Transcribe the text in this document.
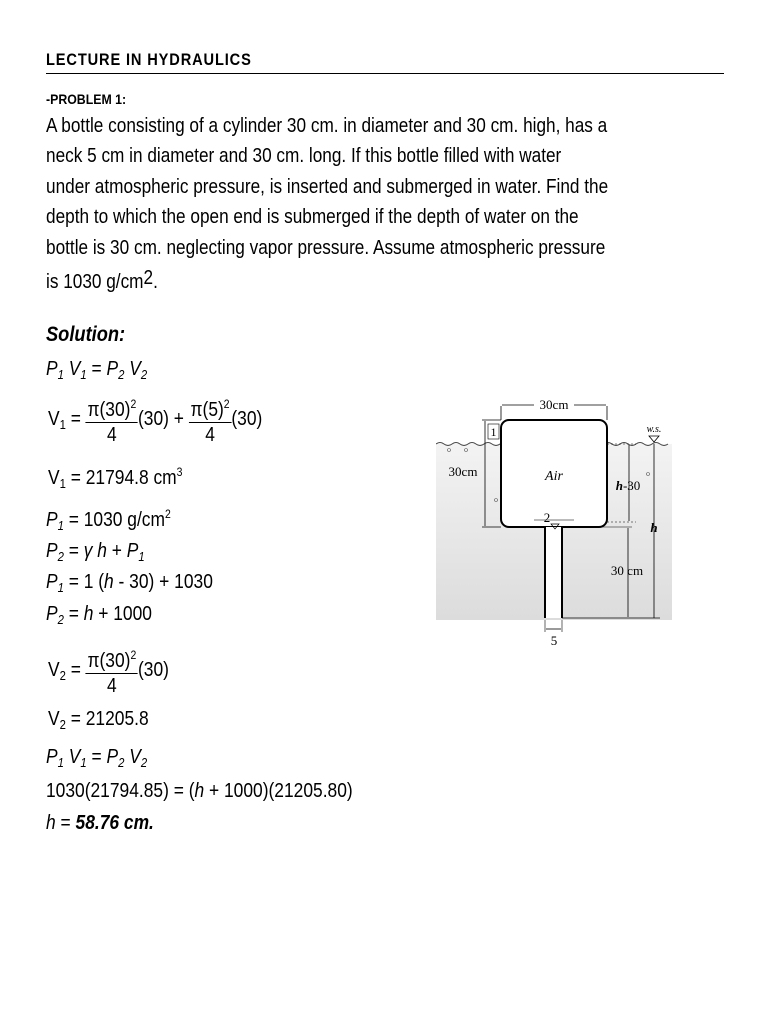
LECTURE IN HYDRAULICS
-PROBLEM 1:
A bottle consisting of a cylinder 30 cm. in diameter and 30 cm. high, has a
neck 5 cm in diameter and 30 cm. long. If this bottle filled with water
under atmospheric pressure, is inserted and submerged in water. Find the
depth to which the open end is submerged if the depth of water on the
bottle is 30 cm. neglecting vapor pressure. Assume atmospheric pressure
is 1030 $g/cm^2$.
Solution:
$P_1$ $V_1 = P_2$ $V_2$
$V_1 = \frac{\pi(30)^2}{4} (30) + \frac{\pi(5)^2}{4} (30)$
$V_1 = 21794.8$ $cm^3$
$P_1 = 1030$ $g/cm^2$
$P_2 = \gamma$ $h + P_1$
$P_1 = 1$ (h - 30) + 1030
$P_2 = h + 1000$
$V_2 = \frac{\pi(30)^2}{4} (30)$
$V_2 = 21205.8$
$P_1$ $V_1 = P_2$ $V_2$
1030(21794.85) = (h + 1000)(21205.80)
h = 58.76 cm.
30cm
w.s.
1
30cm	Air
2
h-30
h
30 cm
5
